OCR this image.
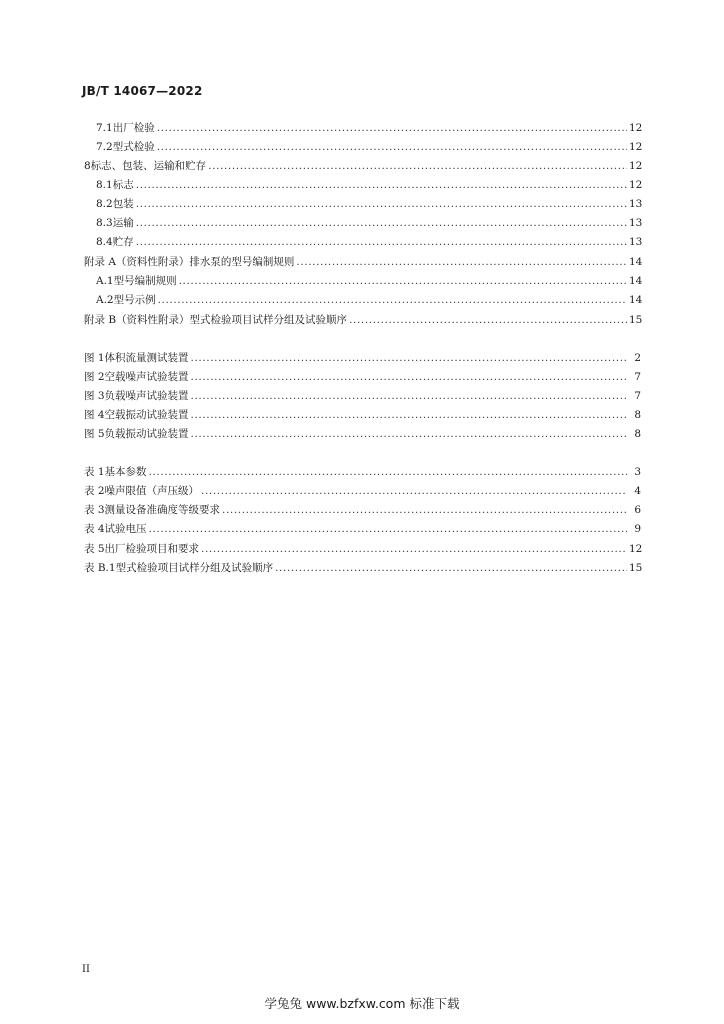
JB/T 14067—2022
7.1 出厂检验 .....	12
7.2 型式检验 .....	12
8 标志、包装、运输和贮存 .....	12
8.1 标志 .....	12
8.2 包装 .....	13
8.3 运输 .....	13
8.4 贮存 .....	13
附录 A （资料性附录）排水泵的型号编制规则 .....	14
A.1 型号编制规则 .....	14
A.2 型号示例 .....	14
附录 B （资料性附录）型式检验项目试样分组及试验顺序 .....	15
图 1 体积流量测试装置 .....	2
图 2 空载噪声试验装置 .....	7
图 3 负载噪声试验装置 .....	7
图 4 空载振动试验装置 .....	8
图 5 负载振动试验装置 .....	8
表 1 基本参数 .....	3
表 2 噪声限值（声压级） .....	4
表 3 测量设备准确度等级要求 .....	6
表 4 试验电压 .....	9
表 5 出厂检验项目和要求 .....	12
表 B.1 型式检验项目试样分组及试验顺序 .....	15
II
学兔兔 www.bzfxw.com 标准下载
